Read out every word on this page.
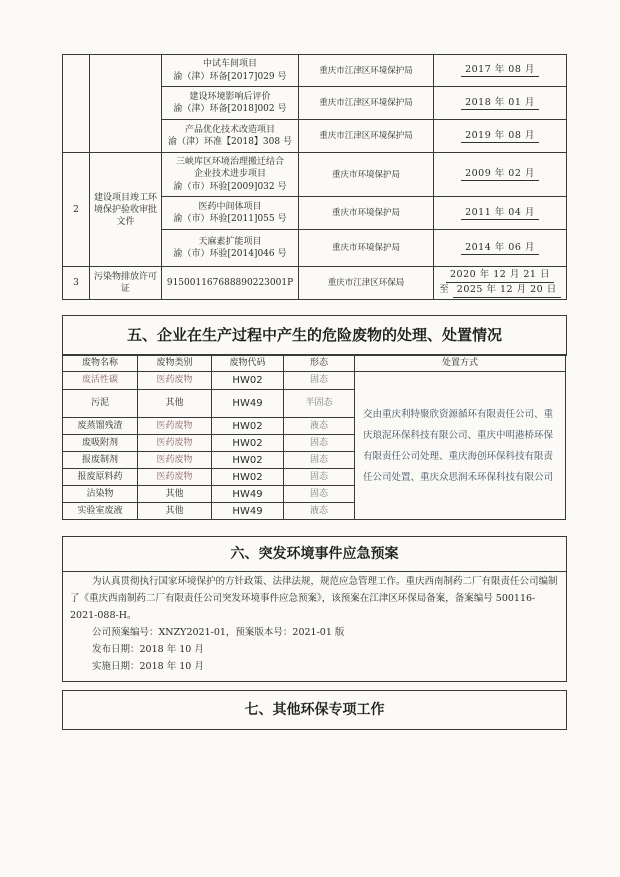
		中试车间项目
渝（津）环备[2017]029 号	重庆市江津区环境保护局	2017 年 08 月

		建设环境影响后评价
渝（津）环备[2018]002 号	重庆市江津区环境保护局	2018 年 01 月

		产品优化技术改造项目
渝（津）环准【2018】308 号	重庆市江津区环境保护局	2019 年 08 月
2	建设项目竣工环境保护验收审批文件	三峡库区环境治理搬迁结合
企业技术进步项目
渝（市）环验[2009]032 号	重庆市环境保护局	2009 年 02 月

		医药中间体项目
渝（市）环验[2011]055 号	重庆市环境保护局	2011 年 04 月

		天麻素扩能项目
渝（市）环验[2014]046 号	重庆市环境保护局	2014 年 06 月
3	污染物排放许可证	91500116768889022300​1P	重庆市江津区环保局	2020 年 12 月 21 日
至 2025 年 12 月 20 日
五、企业在生产过程中产生的危险废物的处理、处置情况
废物名称	废物类别	废物代码	形态	处置方式
废活性碳	医药废物	HW02	固态	交由重庆利特聚欣资源循环有限责任公司、重庆琅泥环保科技有限公司、重庆中明港桥环保有限责任公司处理、重庆海创环保科技有限责任公司处置、重庆众思润禾环保科技有限公司
污泥	其他	HW49	半固态	
废蒸馏残渣	医药废物	HW02	液态	
废吸附剂	医药废物	HW02	固态	
报废制剂	医药废物	HW02	固态	
报废原料药	医药废物	HW02	固态	
沾染物	其他	HW49	固态	
实验室废液	其他	HW49	液态	
六、突发环境事件应急预案
为认真贯彻执行国家环境保护的方针政策、法律法规，规范应急管理工作。重庆西南制药二厂有限责任公司编制了《重庆西南制药二厂有限责任公司突发环境事件应急预案》，该预案在江津区环保局备案，备案编号 500116-2021-088-H。
公司预案编号：XNZY2021-01，预案版本号：2021-01 版
发布日期：2018 年 10 月
实施日期：2018 年 10 月
七、其他环保专项工作
